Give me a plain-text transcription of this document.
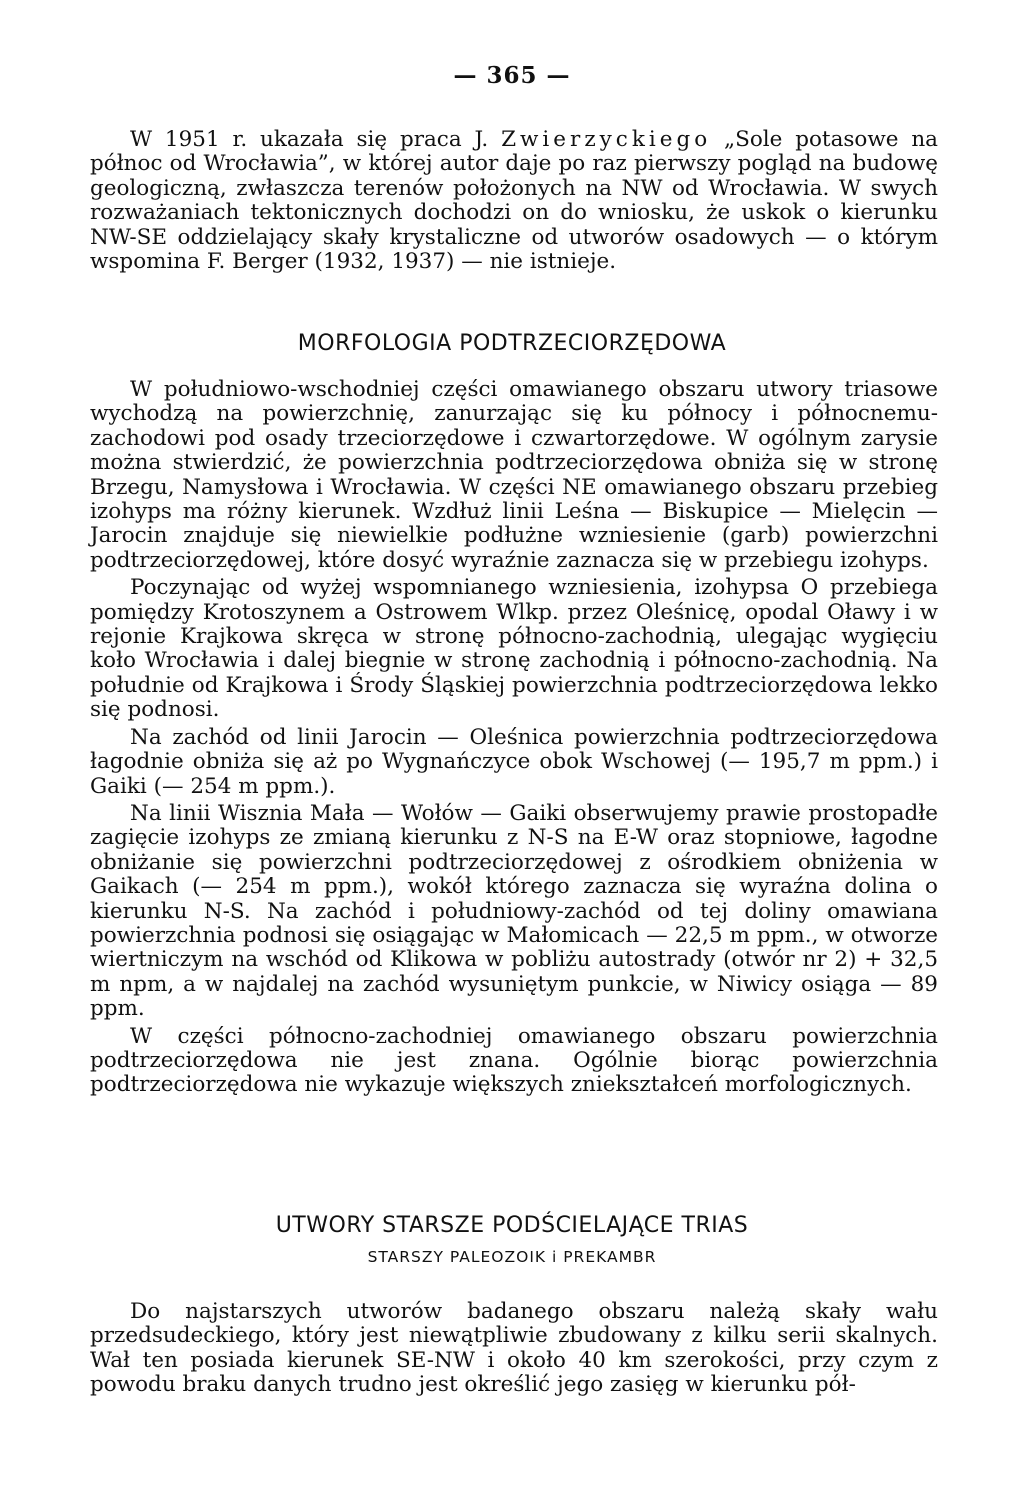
— 365 —

W 1951 r. ukazała się praca J. Zwierzyckiego „Sole potasowe na północ od Wrocławia”, w której autor daje po raz pierwszy pogląd na budowę geologiczną, zwłaszcza terenów położonych na NW od Wrocławia. W swych rozważaniach tektonicznych dochodzi on do wniosku, że uskok o kierunku NW-SE oddzielający skały krystaliczne od utworów osadowych — o którym wspomina F. Berger (1932, 1937) — nie istnieje.

MORFOLOGIA PODTRZECIORZĘDOWA

W południowo-wschodniej części omawianego obszaru utwory triasowe wychodzą na powierzchnię, zanurzając się ku północy i północnemu-zachodowi pod osady trzeciorzędowe i czwartorzędowe. W ogólnym zarysie można stwierdzić, że powierzchnia podtrzeciorzędowa obniża się w stronę Brzegu, Namysłowa i Wrocławia. W części NE omawianego obszaru przebieg izohyps ma różny kierunek. Wzdłuż linii Leśna — Biskupice — Mielęcin — Jarocin znajduje się niewielkie podłużne wzniesienie (garb) powierzchni podtrzeciorzędowej, które dosyć wyraźnie zaznacza się w przebiegu izohyps.

Poczynając od wyżej wspomnianego wzniesienia, izohypsa O przebiega pomiędzy Krotoszynem a Ostrowem Wlkp. przez Oleśnicę, opodal Oławy i w rejonie Krajkowa skręca w stronę północno-zachodnią, ulegając wygięciu koło Wrocławia i dalej biegnie w stronę zachodnią i północno-zachodnią. Na południe od Krajkowa i Środy Śląskiej powierzchnia podtrzeciorzędowa lekko się podnosi.

Na zachód od linii Jarocin — Oleśnica powierzchnia podtrzeciorzędowa łagodnie obniża się aż po Wygnańczyce obok Wschowej (— 195,7 m ppm.) i Gaiki (— 254 m ppm.).

Na linii Wisznia Mała — Wołów — Gaiki obserwujemy prawie prostopadłe zagięcie izohyps ze zmianą kierunku z N-S na E-W oraz stopniowe, łagodne obniżanie się powierzchni podtrzeciorzędowej z ośrodkiem obniżenia w Gaikach (— 254 m ppm.), wokół którego zaznacza się wyraźna dolina o kierunku N-S. Na zachód i południowy-zachód od tej doliny omawiana powierzchnia podnosi się osiągając w Małomicach — 22,5 m ppm., w otworze wiertniczym na wschód od Klikowa w pobliżu autostrady (otwór nr 2) + 32,5 m npm, a w najdalej na zachód wysuniętym punkcie, w Niwicy osiąga — 89 ppm.

W części północno-zachodniej omawianego obszaru powierzchnia podtrzeciorzędowa nie jest znana. Ogólnie biorąc powierzchnia podtrzeciorzędowa nie wykazuje większych zniekształceń morfologicznych.

UTWORY STARSZE PODŚCIELAJĄCE TRIAS
STARSZY PALEOZOIK i PREKAMBR

Do najstarszych utworów badanego obszaru należą skały wału przedsudeckiego, który jest niewątpliwie zbudowany z kilku serii skalnych. Wał ten posiada kierunek SE-NW i około 40 km szerokości, przy czym z powodu braku danych trudno jest określić jego zasięg w kierunku pół-
